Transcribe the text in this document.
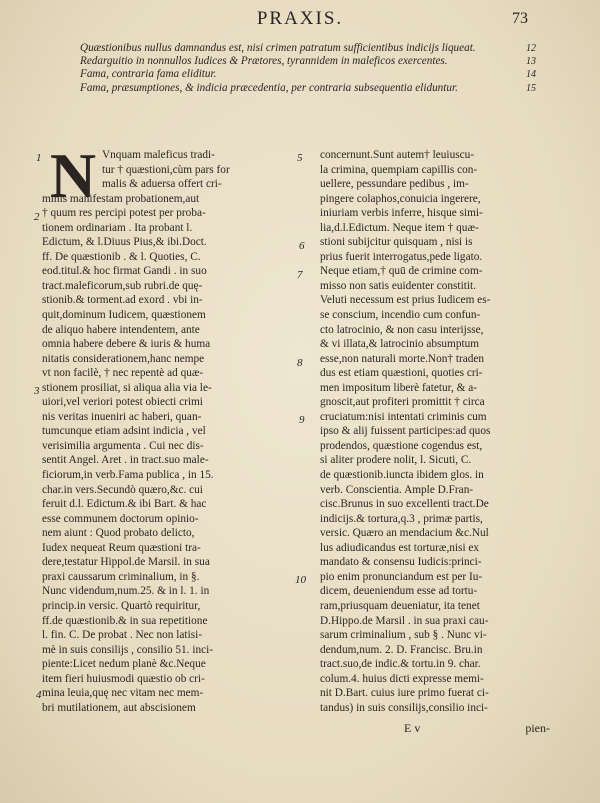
PRAXIS.	73
Quæstionibus nullus damnandus est, nisi crimen patratum sufficientibus indicijs liqueat.	12
Redarguitio in nonnullos Iudices & Prætores, tyrannidem in maleficos exercentes.	13
Fama, contraria fama eliditur.	14
Fama, præsumptiones, & indicia præcedentia, per contraria subsequentia eliduntur.	15
N Vnquam maleficus tradi-
tur † quæstioni,cùm pars for
malis & aduersa offert cri-
minis manifestam probationem,aut
† quum res percipi potest per proba-
tionem ordinariam . Ita probant l.
Edictum, & l.Diuus Pius,& ibi.Doct.
ff. De quæstionib . & l. Quoties, C.
eod.titul.& hoc firmat Gandi . in suo
tract.maleficorum,sub rubri.de quę-
stionib.& torment.ad exord . vbi in-
quit,dominum Iudicem, quæstionem
de aliquo habere intendentem, ante
omnia habere debere & iuris & huma
nitatis considerationem,hanc nempe
vt non facilè, † nec repentè ad quæ-
stionem prosiliat, si aliqua alia via le-
uiori,vel veriori potest obiecti crimi
nis veritas inueniri ac haberi, quan-
tumcunque etiam adsint indicia , vel
verisimilia argumenta . Cui nec dis-
sentit Angel. Aret . in tract.suo male-
ficiorum,in verb.Fama publica , in 15.
char.in vers.Secundò quæro,&c. cui
feruit d.l. Edictum.& ibi Bart. & hac
esse communem doctorum opinio-
nem aiunt : Quod probato delicto,
Iudex nequeat Reum quæstioni tra-
dere,testatur Hippol.de Marsil. in sua
praxi caussarum criminalium, in §.
Nunc videndum,num.25. & in l. 1. in
princip.in versic. Quartò requiritur,
ff.de quæstionib.& in sua repetitione
l. fin. C. De probat . Nec non latisi-
mè in suis consilijs , consilio 51. inci-
piente:Licet nedum planè &c.Neque
item fieri huiusmodi quæstio ob cri-
mina leuia,quę nec vitam nec mem-
bri mutilationem, aut abscisionem
concernunt.Sunt autem† leuiuscu-
la crimina, quempiam capillis con-
uellere, pessundare pedibus , im-
pingere colaphos,conuicia ingerere,
iniuriam verbis inferre, hisque simi-
lia,d.l.Edictum. Neque item † quæ-
stioni subijcitur quisquam , nisi is
prius fuerit interrogatus,pede ligato.
Neque etiam,† quū de crimine com-
misso non satis euidenter constitit.
Veluti necessum est prius Iudicem es-
se conscium, incendio cum confun-
cto latrocinio, & non casu interijsse,
& vi illata,& latrocinio absumptum
esse,non naturali morte.Non† traden
dus est etiam quæstioni, quoties cri-
men impositum liberè fatetur, & a-
gnoscit,aut profiteri promittit † circa
cruciatum:nisi intentati criminis cum
ipso & alij fuissent participes:ad quos
prodendos, quæstione cogendus est,
si aliter prodere nolit, l. Sicuti, C.
de quæstionib.iuncta ibidem glos. in
verb. Conscientia. Ample D.Fran-
cisc.Brunus in suo excellenti tract.De
indicijs.& tortura,q.3 , primæ partis,
versic. Quæro an mendacium &c.Nul
lus adiudicandus est torturæ,nisi ex
mandato & consensu Iudicis:princi-
pio enim pronunciandum est per Iu-
dicem, deueniendum esse ad tortu-
ram,priusquam deueniatur, ita tenet
D.Hippo.de Marsil . in sua praxi cau-
sarum criminalium , sub § . Nunc vi-
dendum,num. 2. D. Francisc. Bru.in
tract.suo,de indic.& tortu.in 9. char.
colum.4. huius dicti expresse memi-
nit D.Bart. cuius iure primo fuerat ci-
tandus) in suis consilijs,consilio inci-
1
2
3
4
5
6
7
8
9
10
E v	pien-
